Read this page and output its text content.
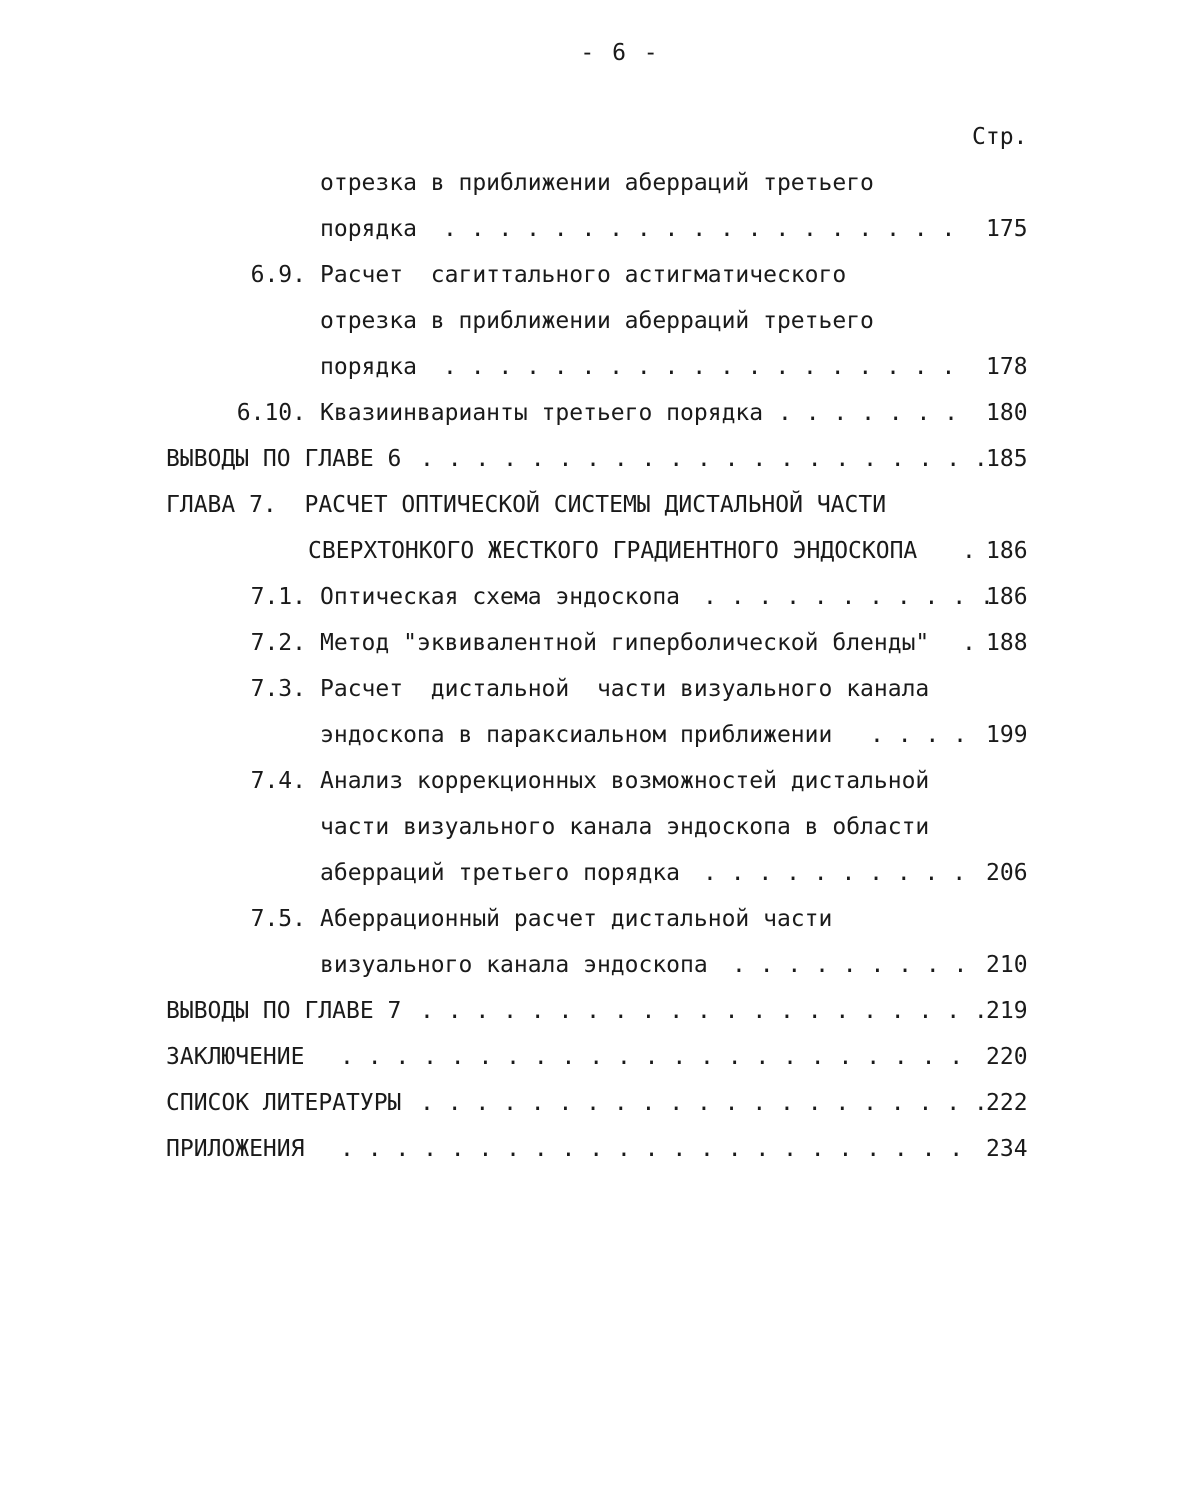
- 6 -
Стр.

отрезка в приближении аберраций третьего

порядка

. . . . . . . . . . . . . . . . . . .

175

6.9.

Расчет  сагиттального астигматического

отрезка в приближении аберраций третьего

порядка

. . . . . . . . . . . . . . . . . . .

178

6.10.

Квазиинварианты третьего порядка

. . . . . . .

180

ВЫВОДЫ ПО ГЛАВЕ 6

. . . . . . . . . . . . . . . . . . . . .

185

ГЛАВА 7.  РАСЧЕТ ОПТИЧЕСКОЙ СИСТЕМЫ ДИСТАЛЬНОЙ ЧАСТИ

СВЕРХТОНКОГО ЖЕСТКОГО ГРАДИЕНТНОГО ЭНДОСКОПА

.

186

7.1.

Оптическая схема эндоскопа

. . . . . . . . . . .

186

7.2.

Метод "эквивалентной гиперболической бленды"

.

188

7.3.

Расчет  дистальной  части визуального канала

эндоскопа в параксиальном приближении

. . . .

199

7.4.

Анализ коррекционных возможностей дистальной

части визуального канала эндоскопа в области

аберраций третьего порядка

. . . . . . . . . .

206

7.5.

Аберрационный расчет дистальной части

визуального канала эндоскопа

. . . . . . . . .

210

ВЫВОДЫ ПО ГЛАВЕ 7

. . . . . . . . . . . . . . . . . . . . .

219

ЗАКЛЮЧЕНИЕ

. . . . . . . . . . . . . . . . . . . . . . .

220

СПИСОК ЛИТЕРАТУРЫ

. . . . . . . . . . . . . . . . . . . . .

222

ПРИЛОЖЕНИЯ

. . . . . . . . . . . . . . . . . . . . . . .

234
